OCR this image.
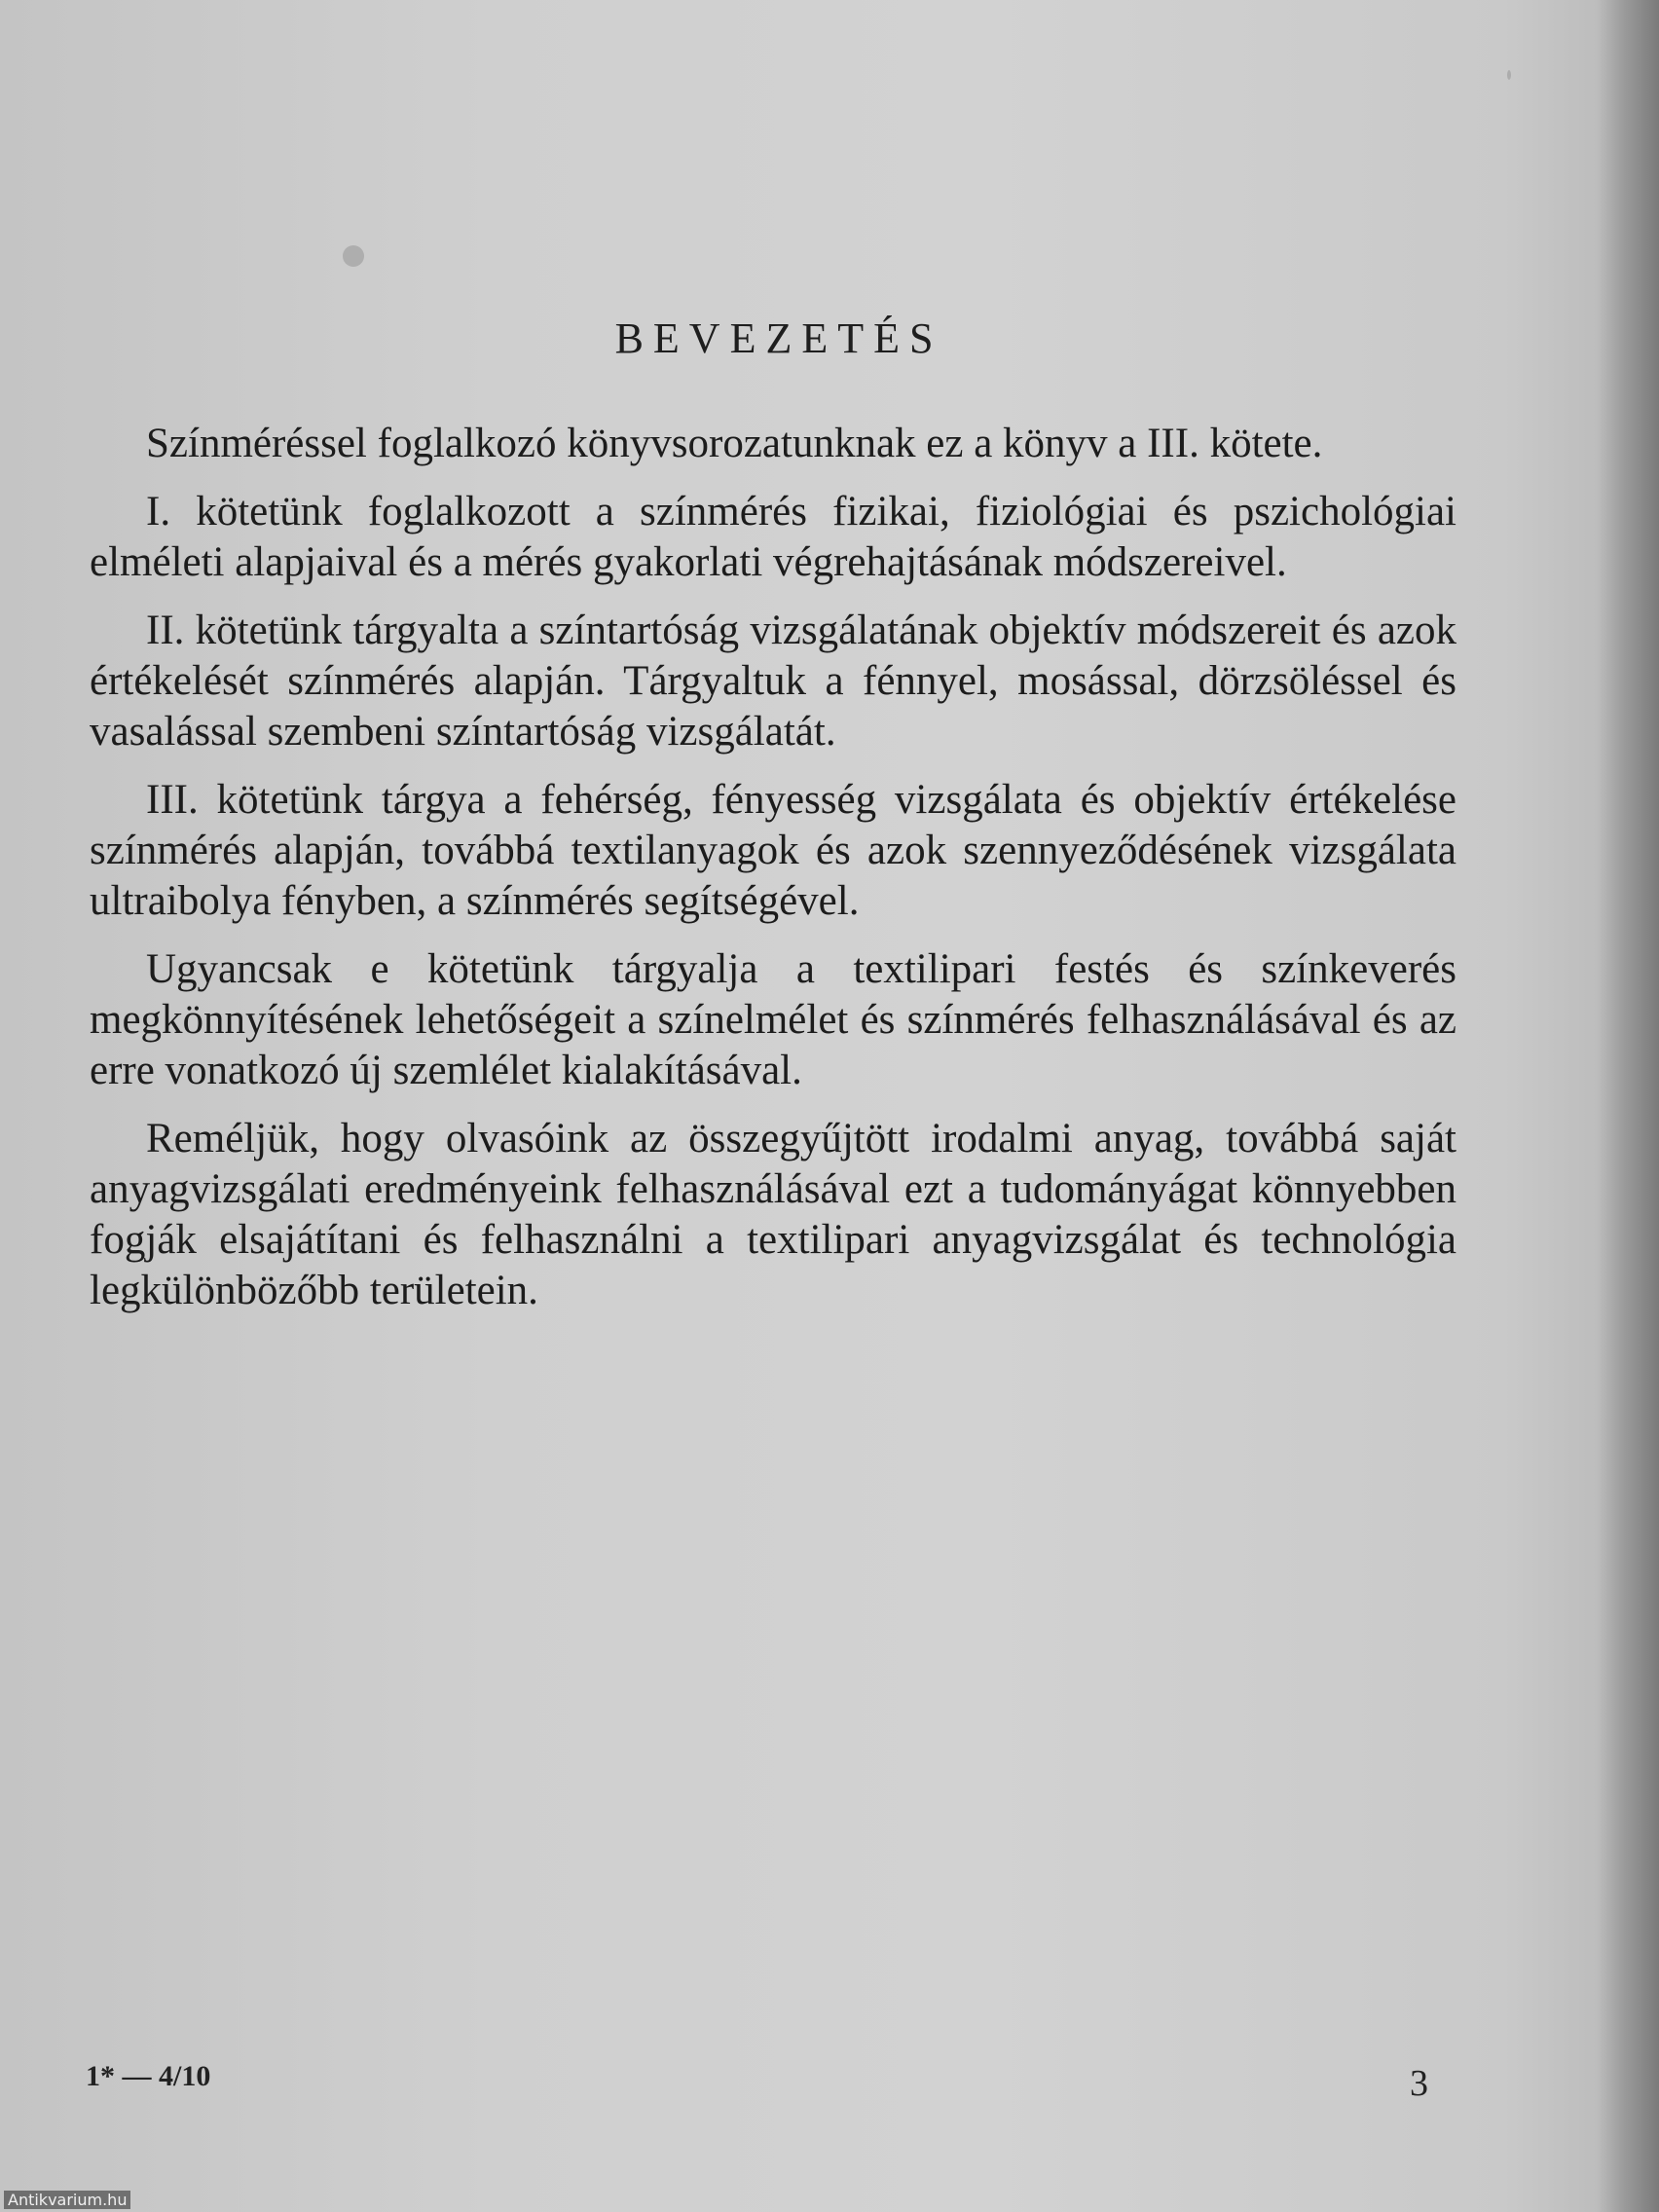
BEVEZETÉS

Színméréssel foglalkozó könyvsorozatunknak ez a könyv a III. kötete.

I. kötetünk foglalkozott a színmérés fizikai, fiziológiai és pszichológiai elméleti alapjaival és a mérés gyakorlati végrehajtásának módszereivel.

II. kötetünk tárgyalta a színtartóság vizsgálatának objektív módszereit és azok értékelését színmérés alapján. Tárgyaltuk a fénnyel, mosással, dörzsöléssel és vasalással szembeni színtartóság vizsgálatát.

III. kötetünk tárgya a fehérség, fényesség vizsgálata és objektív értékelése színmérés alapján, továbbá textilanyagok és azok szennyeződésének vizsgálata ultraibolya fényben, a színmérés segítségével.

Ugyancsak e kötetünk tárgyalja a textilipari festés és színkeverés megkönnyítésének lehetőségeit a színelmélet és színmérés felhasználásával és az erre vonatkozó új szemlélet kialakításával.

Reméljük, hogy olvasóink az összegyűjtött irodalmi anyag, továbbá saját anyagvizsgálati eredményeink felhasználásával ezt a tudományágat könnyebben fogják elsajátítani és felhasználni a textilipari anyagvizsgálat és technológia legkülönbözőbb területein.

1* — 4/10	3
Antikvarium.hu
